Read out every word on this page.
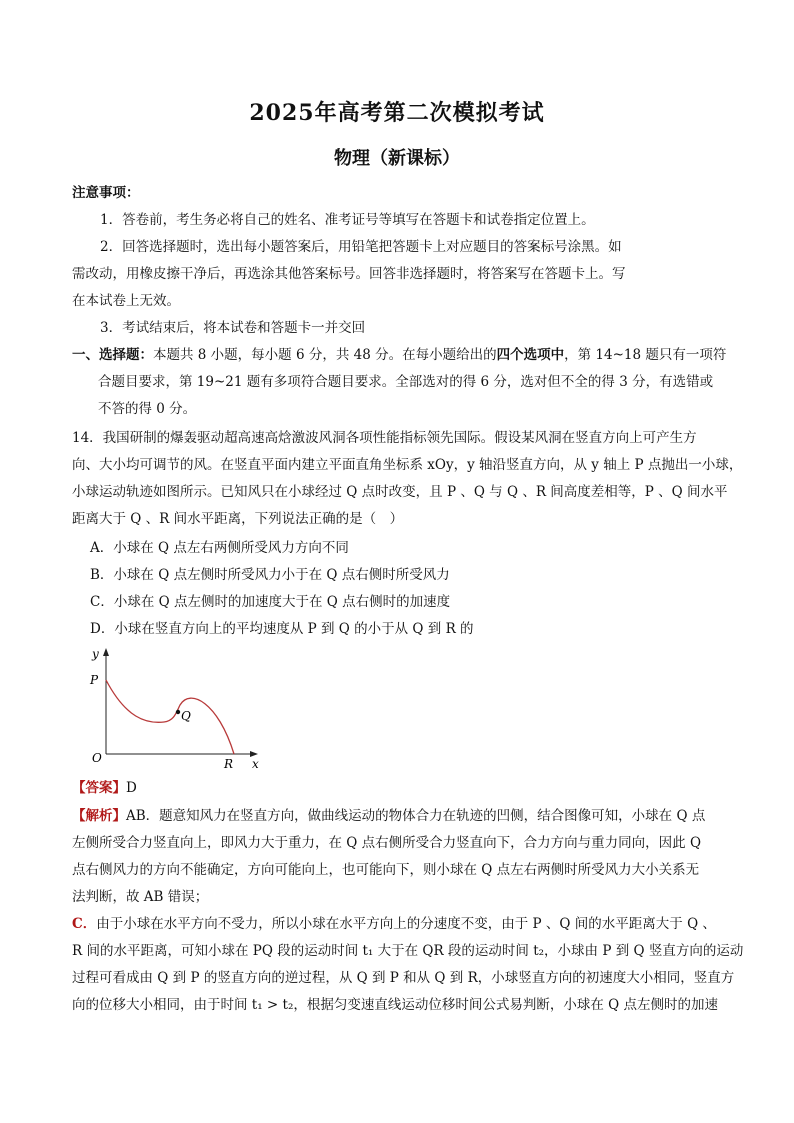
2025年高考第二次模拟考试
物理（新课标）
注意事项：
1．答卷前，考生务必将自己的姓名、准考证号等填写在答题卡和试卷指定位置上。
2．回答选择题时，选出每小题答案后，用铅笔把答题卡上对应题目的答案标号涂黑。如
需改动，用橡皮擦干净后，再选涂其他答案标号。回答非选择题时，将答案写在答题卡上。写
在本试卷上无效。
3．考试结束后，将本试卷和答题卡一并交回
一、选择题：本题共 8 小题，每小题 6 分，共 48 分。在每小题给出的四个选项中，第 14~18 题只有一项符
合题目要求，第 19~21 题有多项符合题目要求。全部选对的得 6 分，选对但不全的得 3 分，有选错或
不答的得 0 分。
14．我国研制的爆轰驱动超高速高焓激波风洞各项性能指标领先国际。假设某风洞在竖直方向上可产生方
向、大小均可调节的风。在竖直平面内建立平面直角坐标系 xOy，y 轴沿竖直方向，从 y 轴上 P 点抛出一小球，
小球运动轨迹如图所示。已知风只在小球经过 Q 点时改变，且 P 、Q 与 Q 、R 间高度差相等，P 、Q 间水平
距离大于 Q 、R 间水平距离，下列说法正确的是（　）
A．小球在 Q 点左右两侧所受风力方向不同
B．小球在 Q 点左侧时所受风力小于在 Q 点右侧时所受风力
C．小球在 Q 点左侧时的加速度大于在 Q 点右侧时的加速度
D．小球在竖直方向上的平均速度从 P 到 Q 的小于从 Q 到 R 的
y
P
Q
O	R x
【答案】D
【解析】AB．题意知风力在竖直方向，做曲线运动的物体合力在轨迹的凹侧，结合图像可知，小球在 Q 点
左侧所受合力竖直向上，即风力大于重力，在 Q 点右侧所受合力竖直向下，合力方向与重力同向，因此 Q
点右侧风力的方向不能确定，方向可能向上，也可能向下，则小球在 Q 点左右两侧时所受风力大小关系无
法判断，故 AB 错误；
C．由于小球在水平方向不受力，所以小球在水平方向上的分速度不变，由于 P 、Q 间的水平距离大于 Q 、
R 间的水平距离，可知小球在 PQ 段的运动时间 t₁ 大于在 QR 段的运动时间 t₂，小球由 P 到 Q 竖直方向的运动
过程可看成由 Q 到 P 的竖直方向的逆过程，从 Q 到 P 和从 Q 到 R，小球竖直方向的初速度大小相同，竖直方
向的位移大小相同，由于时间 t₁ > t₂，根据匀变速直线运动位移时间公式易判断，小球在 Q 点左侧时的加速
